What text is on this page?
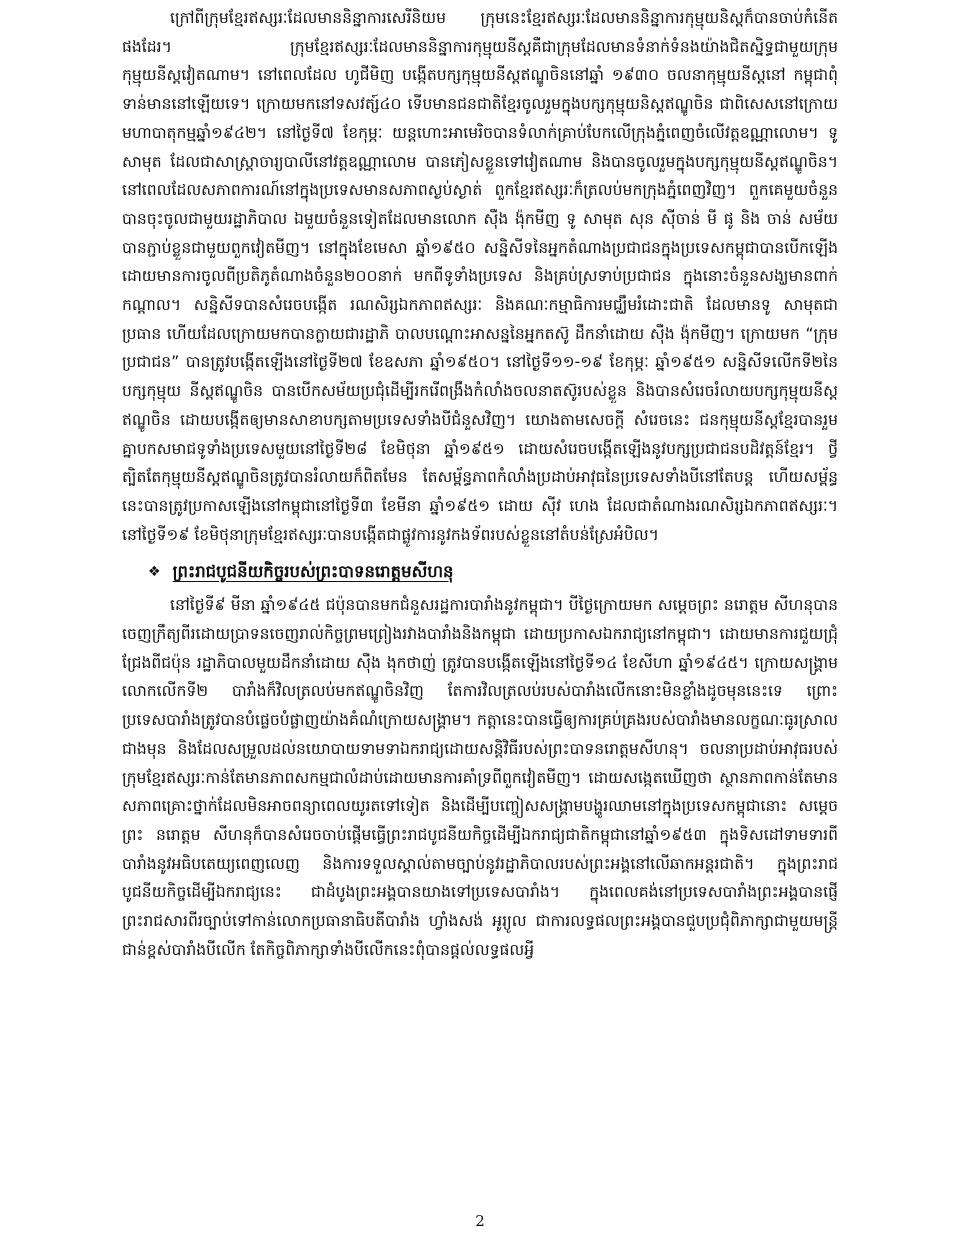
ក្រៅពីក្រុមខ្មែរឥស្សរៈដែលមាននិន្នាការសេរីនិយម ក្រុមនេះខ្មែរឥស្សរៈដែលមាននិន្នាការកុម្មុយនិស្តក៏បានចាប់កំនើតផងដែរ។ ក្រុមខ្មែរឥស្សរៈដែលមាននិន្នាការកុម្មុយនីស្តគឺជាក្រុមដែលមានទំនាក់ទំនងយ៉ាងជិតស្និទ្ធជាមួយក្រុមកុម្មុយនីស្តវៀតណាម។ នៅពេលដែល ហូជីមិញ បង្កើតបក្សកុម្មុយនីស្តឥណ្ឌូចិននៅឆ្នាំ ១៩៣០ ចលនាកុម្មុយនីស្តនៅ កម្ពុជាពុំទាន់មាននៅឡើយទេ។ ក្រោយមកនៅទសវត្ស៍៤០ ទើបមានជនជាតិខ្មែរចូលរួមក្នុងបក្សកុម្មុយនិស្តឥណ្ឌូចិន ជាពិសេសនៅក្រោយមហាបាតុកម្មឆ្នាំ១៩៤២។ នៅថ្ងៃទី៧ ខែកុម្ភៈ យន្តហោះអាមេរិចបានទំលាក់គ្រាប់បែកលើក្រុងភ្នំពេញចំលើវត្តឧណ្ណាលោម។ ទូ សាមុត ដែលជាសាស្ត្រាចារ្យបាលីនៅវត្តឧណ្ណាលោម បានភៀសខ្លួនទៅវៀតណាម និងបានចូលរួមក្នុងបក្សកុម្មុយនីស្តឥណ្ឌូចិន។ នៅពេលដែលសភាពការណ៍នៅក្នុងប្រទេសមានសភាពស្ងប់ស្ងាត់ ពួកខ្មែរឥស្សរៈក៏ត្រលប់មកក្រុងភ្នំពេញវិញ។ ពួកគេមួយចំនួនបានចុះចូលជាមួយរដ្ឋាភិបាល ឯមួយចំនួនទៀតដែលមានលោក ស៊ឺង ង៉ុកមីញ ទូ សាមុត សុន ស៊ីចាន់ មី ផូ និង ចាន់ សម័យបានភ្ជាប់ខ្លួនជាមួយពួកវៀតមីញ។ នៅក្នុងខែមេសា ឆ្នាំ១៩៥០ សន្និសីទនៃអ្នកតំណាងប្រជាជនក្នុងប្រទេសកម្ពុជាបានបើកឡើង ដោយមានការចូលពីប្រតិភូតំណាងចំនួន២០០នាក់ មកពីទូទាំងប្រទេស និងគ្រប់ស្រទាប់ប្រជាជន ក្នុងនោះចំនួនសង្ឃមានពាក់កណ្តាល។ សន្និសីទបានសំរេចបង្កើត រណសិរ្សឯកភាពឥស្សរៈ និងគណៈកម្មាធិការមជ្ឈឹមរំដោះជាតិ ដែលមានទូ សាមុតជាប្រធាន ហើយដែលក្រោយមកបានក្លាយជារដ្ឋាភិ បាលបណ្តោះអាសន្ននៃអ្នកតស៊ូ ដឹកនាំដោយ ស៊ឺង ង៉ុកមីញ។ ក្រោយមក “ក្រុមប្រជាជន” បានត្រូវបង្កើតឡើងនៅថ្ងៃទី២៧ ខែឧសភា ឆ្នាំ១៩៥០។ នៅថ្ងៃទី១១-១៩ ខែកុម្ភៈ ឆ្នាំ១៩៥១ សន្និសីទលើកទី២នៃបក្សកុម្មុយ នីស្តឥណ្ឌូចិន បានបើកសម័យប្រជុំដើម្បីរករើពង្រឹងកំលាំងចលនាតស៊ូរបស់ខ្លួន និងបានសំរេចរំលាយបក្សកុម្មុយនីស្តឥណ្ឌូចិន ដោយបង្កើតឲ្យមានសាខាបក្សតាមប្រទេសទាំងបីជំនួសវិញ។ យោងតាមសេចក្តី សំរេចនេះ ជនកុម្មុយនីស្តខ្មែរបានរួមគ្នាបកសមាជទូទាំងប្រទេសមួយនៅថ្ងៃទី២៨ ខែមិថុនា ឆ្នាំ១៩៥១ ដោយសំរេចបង្កើតឡើងនូវបក្សប្រជាជនបដិវត្តន៍ខ្មែរ។ ថ្វីត្បិតតែកុម្មុយនីស្តឥណ្ឌូចិនត្រូវបានរំលាយក៏ពិតមែន តែសម្ព័ន្ធភាពកំលាំងប្រដាប់អាវុធនៃប្រទេសទាំងបីនៅតែបន្ត ហើយសម្ព័ន្ធនេះបានត្រូវប្រកាសឡើងនៅកម្ពុជានៅថ្ងៃទី៣ ខែមីនា ឆ្នាំ១៩៥១ ដោយ ស៊ីវ ហេង ដែលជាតំណាងរណសិរ្សឯកភាពឥស្សរៈ។ នៅថ្ងៃទី១៩ ខែមិថុនាក្រុមខ្មែរឥស្សរៈបានបង្កើតជាផ្លូវការនូវកងទ័ពរបស់ខ្លួននៅតំបន់ស្រែអំបិល។

❖ ព្រះរាជបូជនីយកិច្ចរបស់ព្រះបាទនរោត្តមសីហនុ

នៅថ្ងៃទី៩ មីនា ឆ្នាំ១៩៤៥ ជប៉ុនបានមកជំនួសរដ្ឋការបារាំងនូវកម្ពុជា។ បីថ្ងៃក្រោយមក សម្តេចព្រះ នរោត្តម សីហនុបានចេញក្រឹត្យពីរដោយប្រាទនចេញរាល់កិច្ចព្រមព្រៀងរវាងបារាំងនិងកម្ពុជា ដោយប្រកាសឯករាជ្យនៅកម្ពុជា។ ដោយមានការជួយជ្រុំជ្រែងពីជប៉ុន រដ្ឋាភិបាលមួយដឹកនាំដោយ ស៊ឺង ងុកថាញ់ ត្រូវបានបង្កើតឡើងនៅថ្ងៃទី១៤ ខែសីហា ឆ្នាំ១៩៤៥។ ក្រោយសង្គ្រាមលោកលើកទី២ បារាំងក៏វិលត្រលប់មកឥណ្ឌូចិនវិញ តែការវិលត្រលប់របស់បារាំងលើកនោះមិនខ្លាំងដូចមុននេះទេ ព្រោះប្រទេសបារាំងត្រូវបានបំផ្លេចបំផ្លាញយ៉ាងគំណំក្រោយសង្គ្រាម។ កត្តានេះបានធ្វើឲ្យការគ្រប់គ្រងរបស់បារាំងមានលក្ខណៈធូរស្រាលជាងមុន និងដែលសម្រួលដល់នយោបាយទាមទាឯករាជ្យដោយសន្តិវិធីរបស់ព្រះបាទនរោត្តមសីហនុ។ ចលនាប្រដាប់អាវុធរបស់ក្រុមខ្មែរឥស្សរៈកាន់តែមានភាពសកម្មជាលំដាប់ដោយមានការគាំទ្រពីពួកវៀតមីញ។ ដោយសង្កេតឃើញថា ស្ថានភាពកាន់តែមានសភាពគ្រោះថ្នាក់ដែលមិនអាចពន្យាពេលយូរតទៅទៀត និងដើម្បីបញ្ចៀសសង្គ្រាមបង្ហូរឈាមនៅក្នុងប្រទេសកម្ពុជានោះ សម្តេចព្រះ នរោត្តម សីហនុក៏បានសំរេចចាប់ផ្តើមធ្វើព្រះរាជបូជនីយកិច្ចដើម្បីឯករាជ្យជាតិកម្ពុជានៅឆ្នាំ១៩៥៣ ក្នុងទិសដៅទាមទារពីបារាំងនូវអធិបតេយ្យពេញលេញ និងការទទួលស្គាល់តាមច្បាប់នូវរដ្ឋាភិបាលរបស់ព្រះអង្គនៅលើឆាកអន្តរជាតិ។ ក្នុងព្រះរាជបូជនីយកិច្ចដើម្បីឯករាជ្យនេះ ជាដំបូងព្រះអង្គបានយាងទៅប្រទេសបារាំង។ ក្នុងពេលគង់នៅប្រទេសបារាំងព្រះអង្គបានផ្ញើព្រះរាជសារពីរច្បាប់ទៅកាន់លោកប្រធានាធិបតីបារាំង ហ្វាំងសង់ អូរ្យូល ជាការលទ្ធផលព្រះអង្គបានជួបប្រជុំពិភាក្សាជាមួយមន្ត្រីជាន់ខ្ពស់បារាំងបីលើក តែកិច្ចពិភាក្សាទាំងបីលើកនេះពុំបានផ្តល់លទ្ធផលអ្វី

2
